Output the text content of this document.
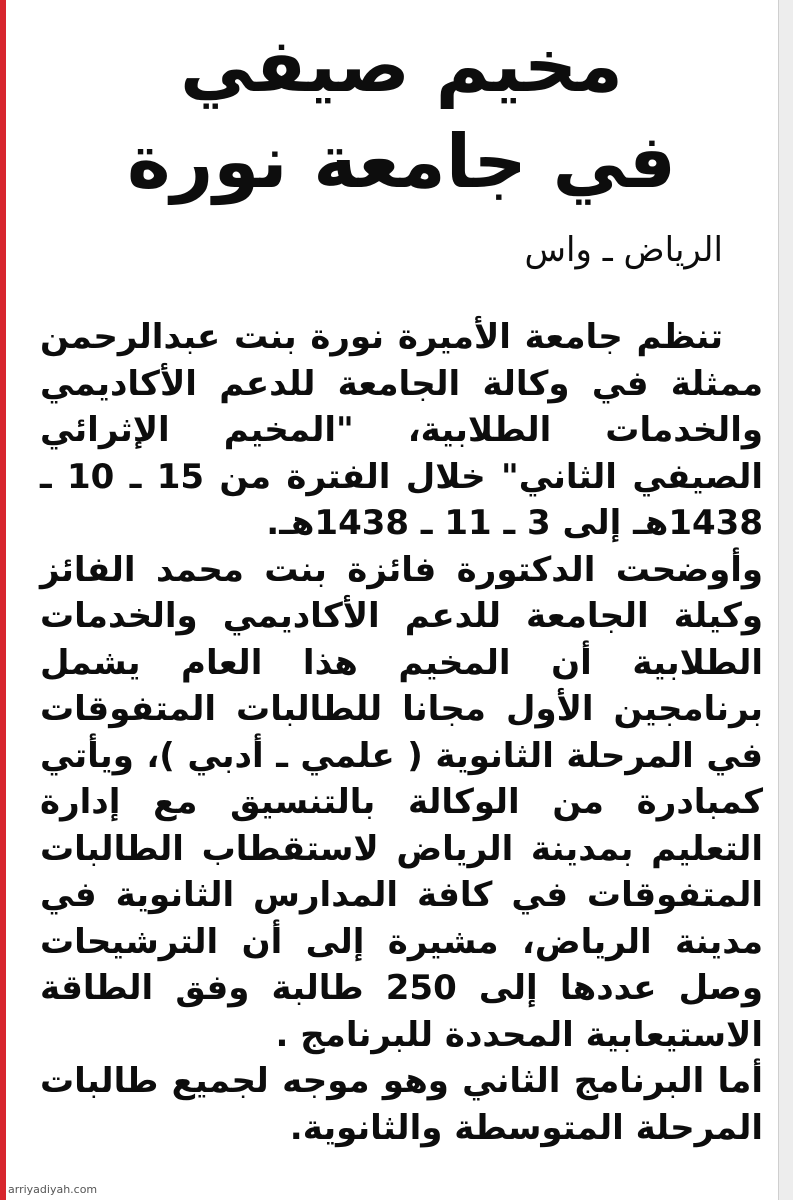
مخيم صيفي
في جامعة نورة
الرياض ـ واس

تنظم جامعة الأميرة نورة بنت عبدالرحمن ممثلة في وكالة الجامعة للدعم الأكاديمي والخدمات الطلابية، "المخيم الإثرائي الصيفي الثاني" خلال الفترة من 15 ـ 10 ـ 1438هـ إلى 3 ـ 11 ـ 1438هـ.

وأوضحت الدكتورة فائزة بنت محمد الفائز وكيلة الجامعة للدعم الأكاديمي والخدمات الطلابية أن المخيم هذا العام يشمل برنامجين الأول مجانا للطالبات المتفوقات في المرحلة الثانوية ( علمي ـ أدبي )، ويأتي كمبادرة من الوكالة بالتنسيق مع إدارة التعليم بمدينة الرياض لاستقطاب الطالبات المتفوقات في كافة المدارس الثانوية في مدينة الرياض، مشيرة إلى أن الترشيحات وصل عددها إلى 250 طالبة وفق الطاقة الاستيعابية المحددة للبرنامج .

أما البرنامج الثاني وهو موجه لجميع طالبات المرحلة المتوسطة والثانوية.

arriyadiyah.com
